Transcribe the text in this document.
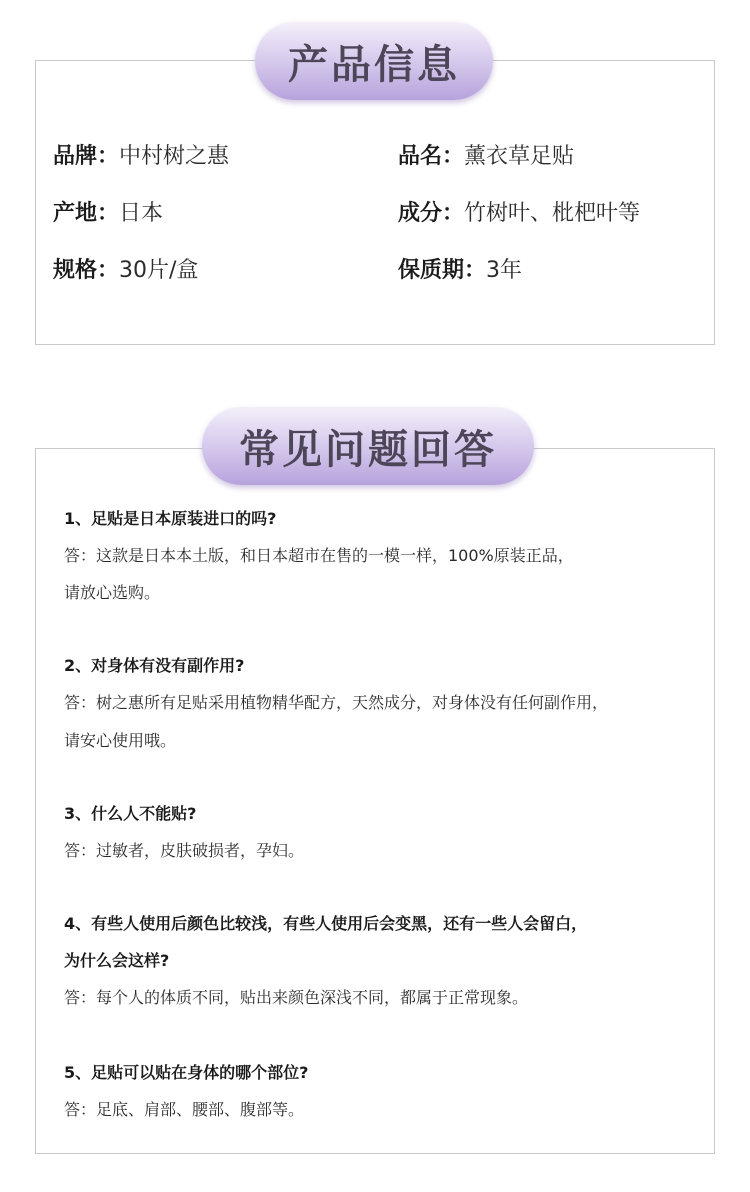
产品信息
品牌：中村树之惠	品名：薰衣草足贴
产地：日本	成分：竹树叶、枇杷叶等
规格：30片/盒	保质期：3年
常见问题回答
1、足贴是日本原装进口的吗?
答：这款是日本本土版，和日本超市在售的一模一样，100%原装正品，
请放心选购。
2、对身体有没有副作用?
答：树之惠所有足贴采用植物精华配方，天然成分，对身体没有任何副作用，
请安心使用哦。
3、什么人不能贴?
答：过敏者，皮肤破损者，孕妇。
4、有些人使用后颜色比较浅，有些人使用后会变黑，还有一些人会留白，
为什么会这样?
答：每个人的体质不同，贴出来颜色深浅不同，都属于正常现象。
5、足贴可以贴在身体的哪个部位?
答：足底、肩部、腰部、腹部等。
